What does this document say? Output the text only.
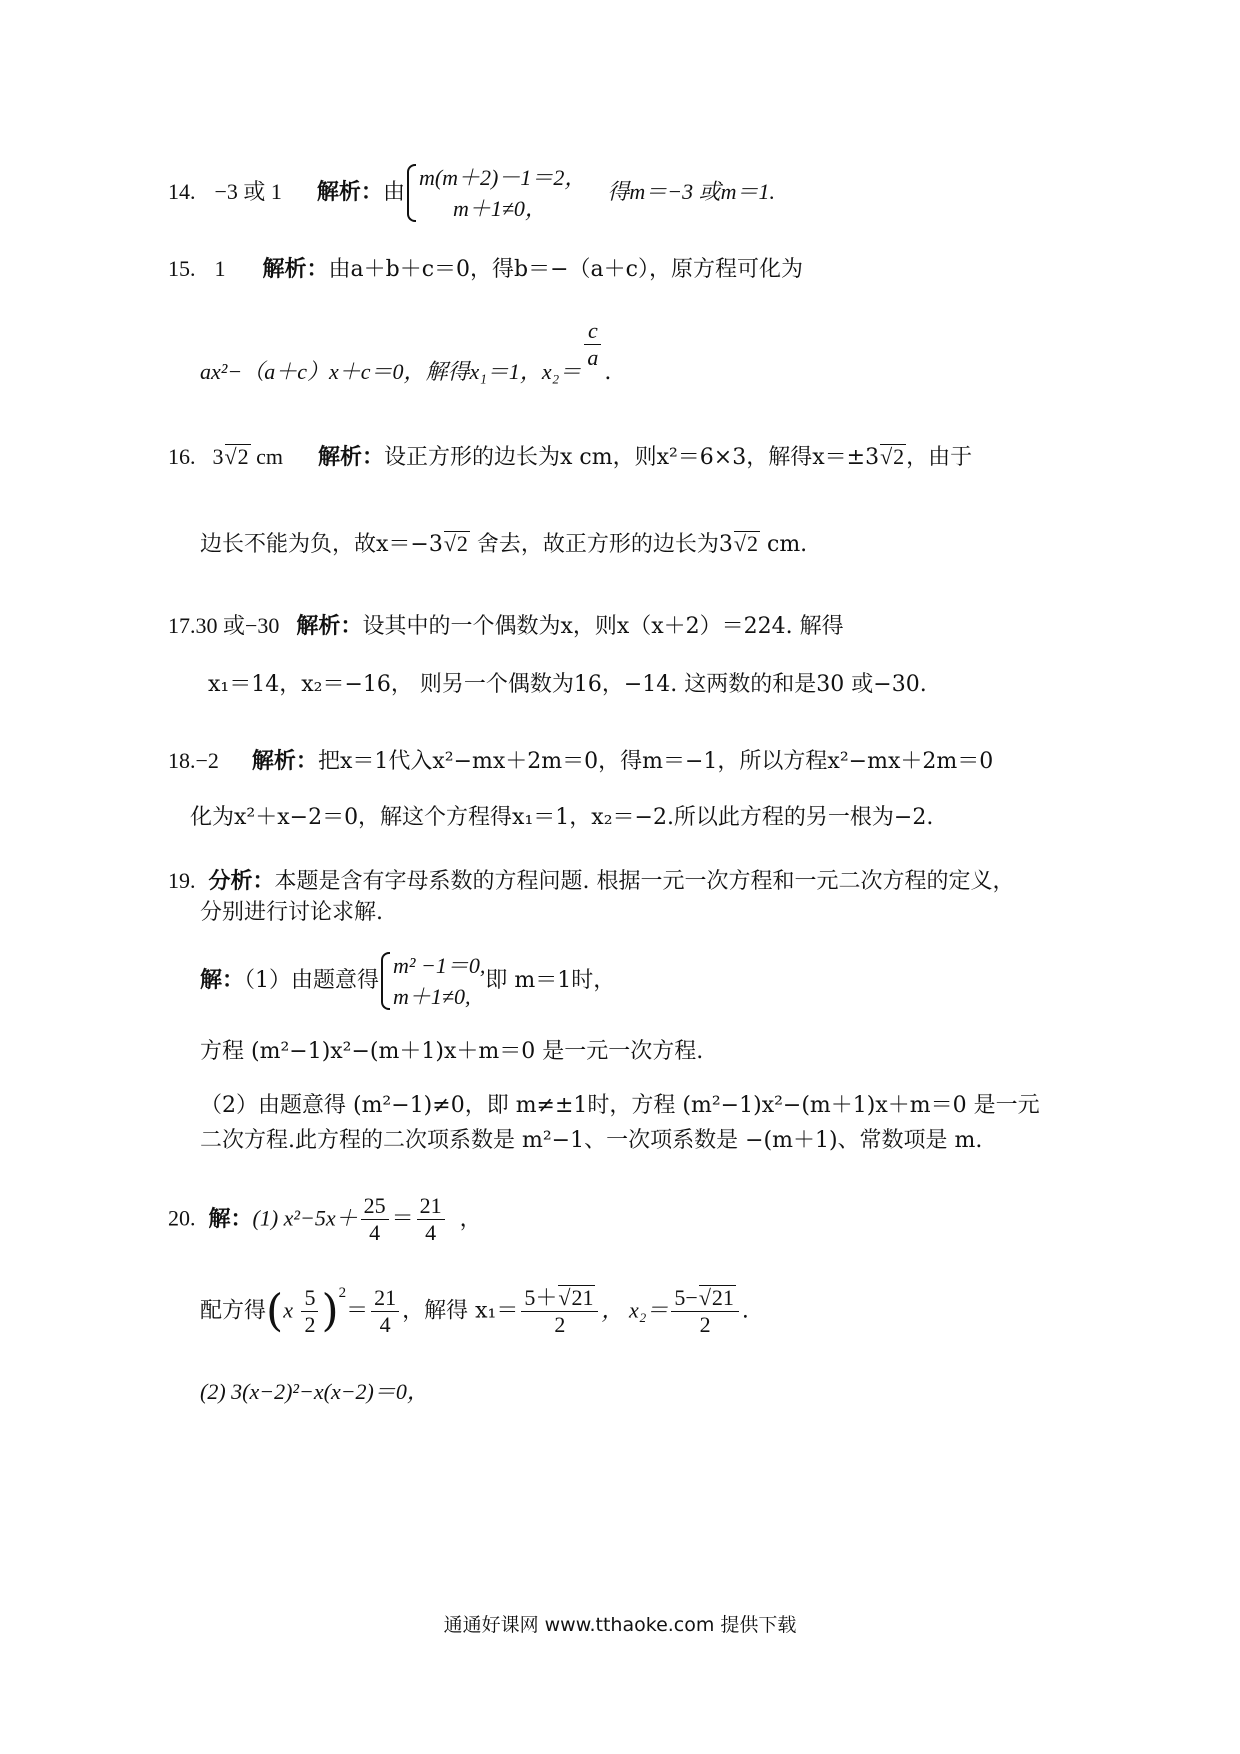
14. −3 或 1 解析：由
m(m＋2)－1＝2，
m＋1≠0，
得m＝−3 或m＝1.
15. 1 解析：由a＋b＋c＝0，得b＝−（a＋c），原方程可化为
ax²−（a＋c）x＋c＝0，解得x₁＝1，$x_2= \frac{c}{a}$
.
16. 3 √ 2 cm 解析：设正方形的边长为x cm，则x²＝6×3，解得x＝±3 √ 2，由于
边长不能为负，故x＝−3 √ 2 舍去，故正方形的边长为3 √ 2 cm.
17.30 或−30 解析：设其中的一个偶数为x，则x（x＋2）＝224. 解得
x₁＝14，x₂＝−16， 则另一个偶数为16，−14. 这两数的和是30 或−30.
18.−2 解析：把x＝1代入x²−mx＋2m＝0，得m＝−1，所以方程x²−mx＋2m＝0
化为x²＋x−2＝0，解这个方程得x₁＝1，x₂＝−2.所以此方程的另一根为−2.
19. 分析：本题是含有字母系数的方程问题. 根据一元一次方程和一元二次方程的定义，
分别进行讨论求解.
解：（1）由题意得
m² −1＝0,
m＋1≠0,
即 m＝1时，
方程 (m²−1)x²−(m＋1)x＋m＝0 是一元一次方程.
（2）由题意得 (m²−1)≠0，即 m≠±1时，方程 (m²−1)x²−(m＋1)x＋m＝0 是一元
二次方程.此方程的二次项系数是 m²−1、一次项系数是 −(m＋1)、常数项是 m.
20. 解：(1) $x^2-5x+ \frac{25}{4} = \frac{21}{4}$ ，
配方得$(x \frac{5}{2} )^2= \frac{21}{4}$ ，解得 $x_1= \frac{5+ √ 21}{2}$ ， $x_2= \frac{5- √ 21}{2}$ .
(2) 3(x−2)²−x(x−2)＝0，
通通好课网 www.tthaoke.com 提供下载
